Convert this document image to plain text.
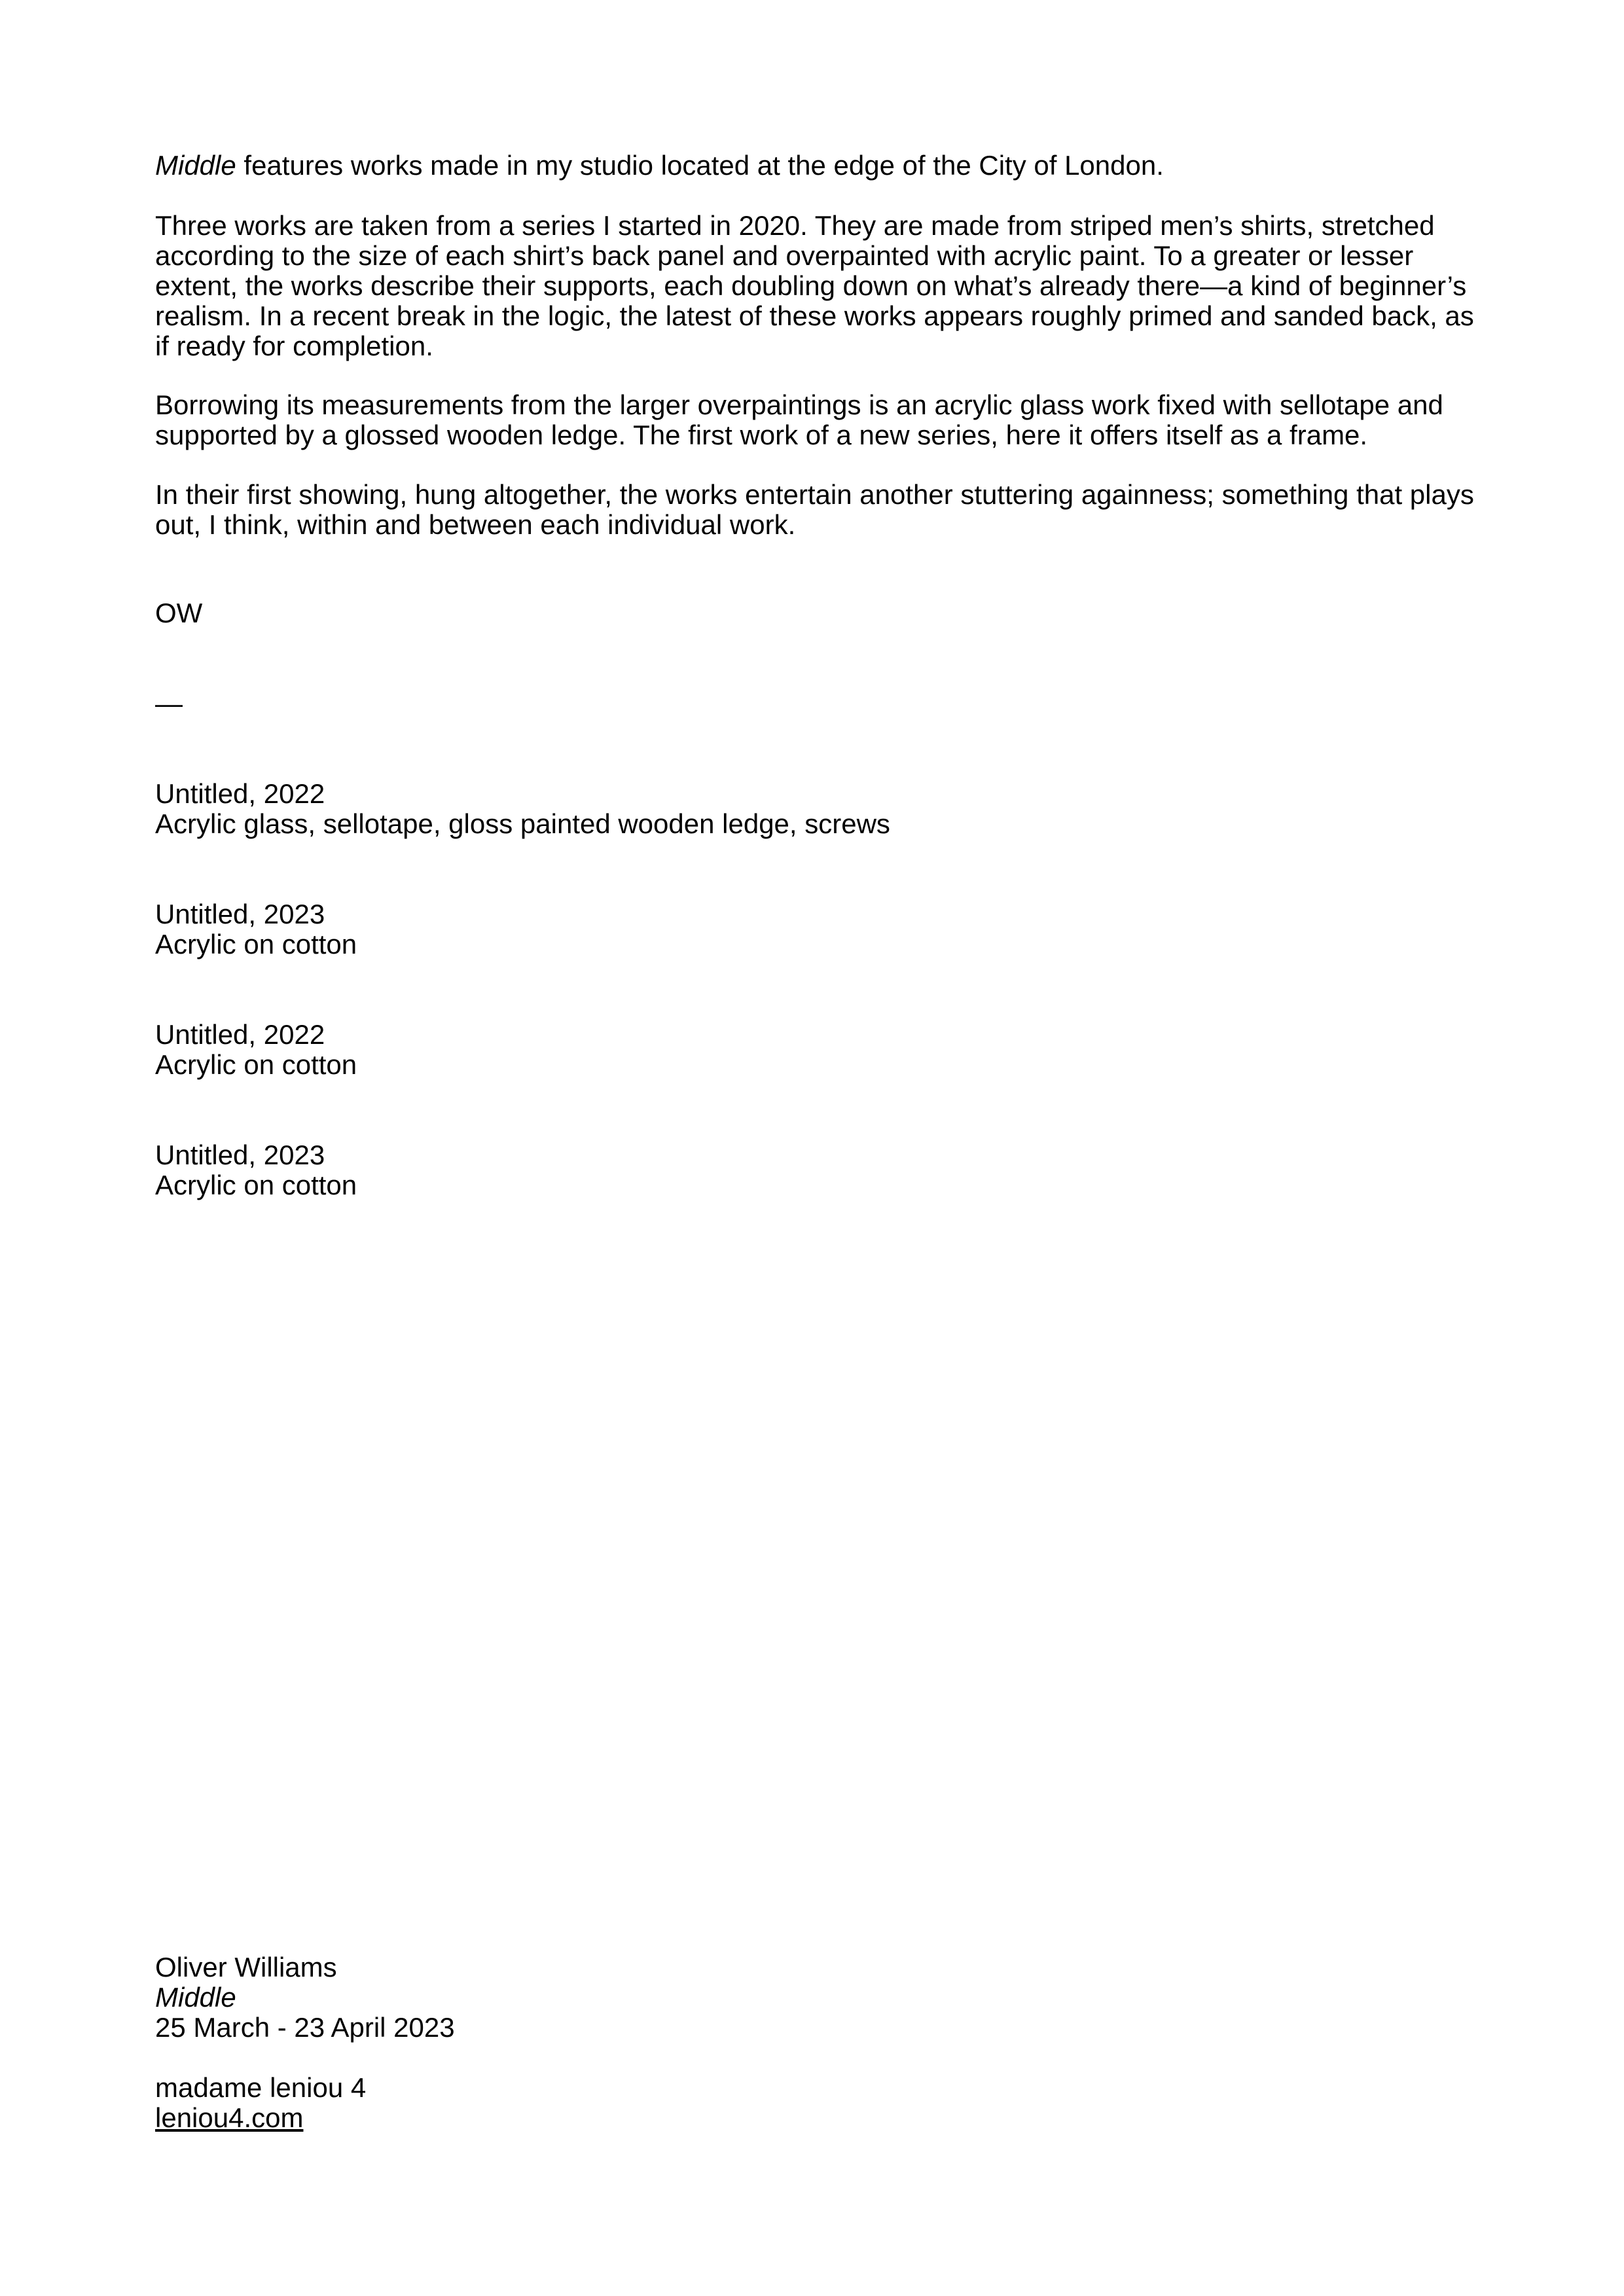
Middle features works made in my studio located at the edge of the City of London.

Three works are taken from a series I started in 2020. They are made from striped men’s shirts, stretched according to the size of each shirt’s back panel and overpainted with acrylic paint. To a greater or lesser extent, the works describe their supports, each doubling down on what’s already there—a kind of beginner’s realism. In a recent break in the logic, the latest of these works appears roughly primed and sanded back, as if ready for completion.

Borrowing its measurements from the larger overpaintings is an acrylic glass work fixed with sellotape and supported by a glossed wooden ledge. The first work of a new series, here it offers itself as a frame.

In their first showing, hung altogether, the works entertain another stuttering againness; something that plays out, I think, within and between each individual work.

OW

—

Untitled, 2022
Acrylic glass, sellotape, gloss painted wooden ledge, screws
Untitled, 2023
Acrylic on cotton
Untitled, 2022
Acrylic on cotton
Untitled, 2023
Acrylic on cotton
Oliver Williams
Middle
25 March - 23 April 2023
madame leniou 4
leniou4.com
